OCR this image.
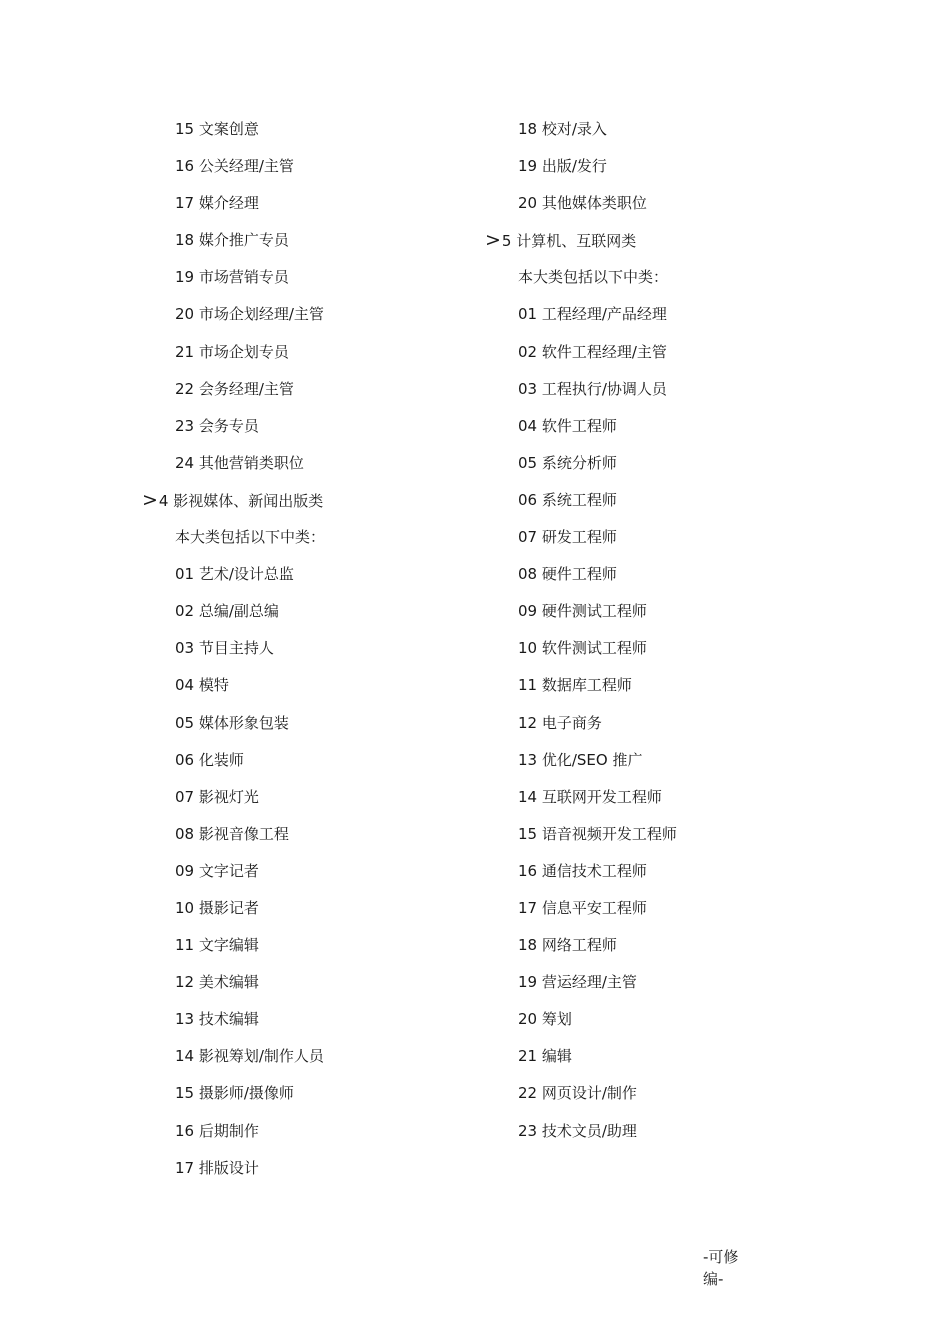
15 文案创意
16 公关经理/主管
17 媒介经理
18 媒介推广专员
19 市场营销专员
20 市场企划经理/主管
21 市场企划专员
22 会务经理/主管
23 会务专员
24 其他营销类职位
>4 影视媒体、新闻出版类
本大类包括以下中类：
01 艺术/设计总监
02 总编/副总编
03 节目主持人
04 模特
05 媒体形象包装
06 化装师
07 影视灯光
08 影视音像工程
09 文字记者
10 摄影记者
11 文字编辑
12 美术编辑
13 技术编辑
14 影视筹划/制作人员
15 摄影师/摄像师
16 后期制作
17 排版设计
18 校对/录入
19 出版/发行
20 其他媒体类职位
>5 计算机、互联网类
本大类包括以下中类：
01 工程经理/产品经理
02 软件工程经理/主管
03 工程执行/协调人员
04 软件工程师
05 系统分析师
06 系统工程师
07 研发工程师
08 硬件工程师
09 硬件测试工程师
10 软件测试工程师
11 数据库工程师
12 电子商务
13 优化/SEO 推广
14 互联网开发工程师
15 语音视频开发工程师
16 通信技术工程师
17 信息平安工程师
18 网络工程师
19 营运经理/主管
20 筹划
21 编辑
22 网页设计/制作
23 技术文员/助理
-可修
编-
